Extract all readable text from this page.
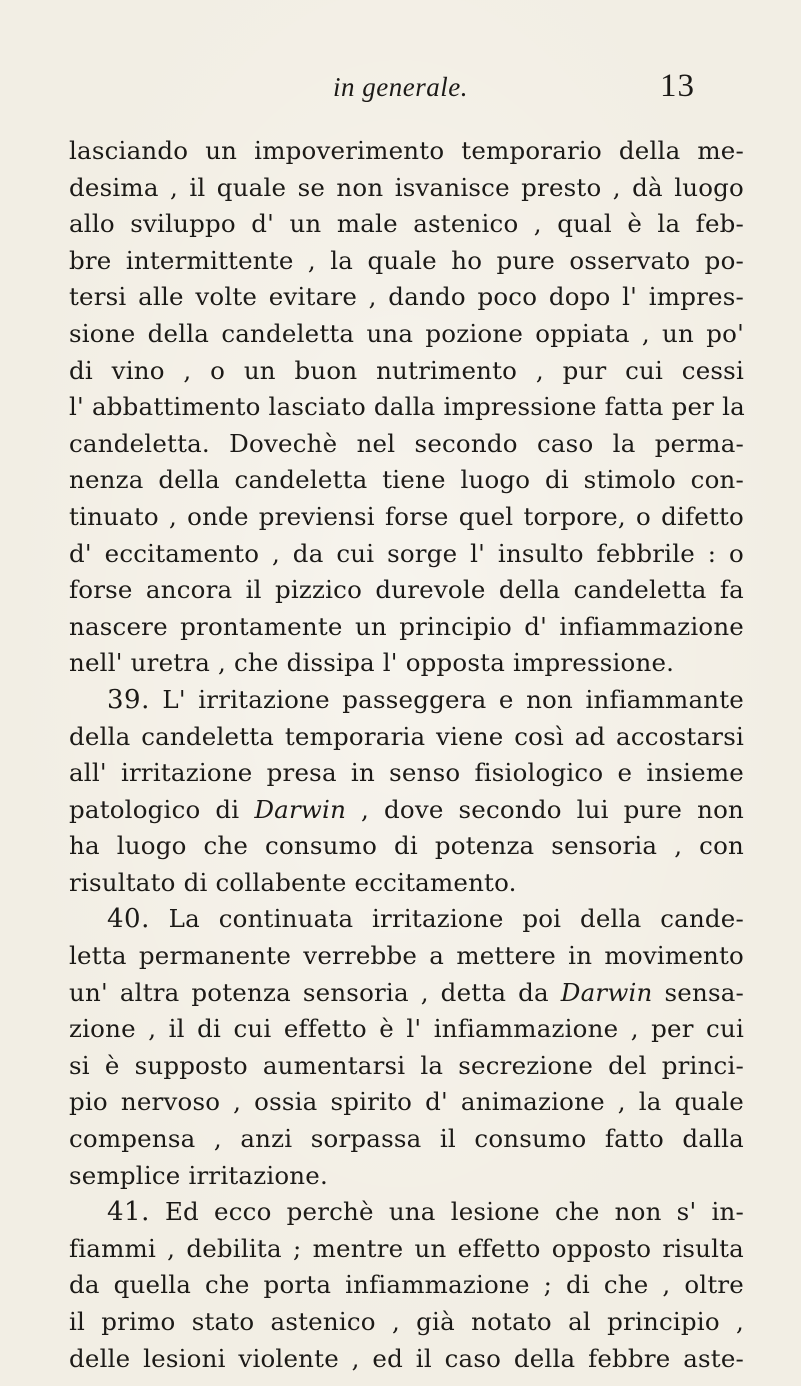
in generale.	13
lasciando un impoverimento temporario della me-
desima , il quale se non isvanisce presto , dà luogo
allo sviluppo d' un male astenico , qual è la feb-
bre intermittente , la quale ho pure osservato po-
tersi alle volte evitare , dando poco dopo l' impres-
sione della candeletta una pozione oppiata , un po'
di vino , o un buon nutrimento , pur cui cessi
l' abbattimento lasciato dalla impressione fatta per la
candeletta. Dovechè nel secondo caso la perma-
nenza della candeletta tiene luogo di stimolo con-
tinuato , onde previensi forse quel torpore, o difetto
d' eccitamento , da cui sorge l' insulto febbrile : o
forse ancora il pizzico durevole della candeletta fa
nascere prontamente un principio d' infiammazione
nell' uretra , che dissipa l' opposta impressione.
39. L' irritazione passeggera e non infiammante
della candeletta temporaria viene così ad accostarsi
all' irritazione presa in senso fisiologico e insieme
patologico di Darwin , dove secondo lui pure non
ha luogo che consumo di potenza sensoria , con
risultato di collabente eccitamento.
40. La continuata irritazione poi della cande-
letta permanente verrebbe a mettere in movimento
un' altra potenza sensoria , detta da Darwin sensa-
zione , il di cui effetto è l' infiammazione , per cui
si è supposto aumentarsi la secrezione del princi-
pio nervoso , ossia spirito d' animazione , la quale
compensa , anzi sorpassa il consumo fatto dalla
semplice irritazione.
41. Ed ecco perchè una lesione che non s' in-
fiammi , debilita ; mentre un effetto opposto risulta
da quella che porta infiammazione ; di che , oltre
il primo stato astenico , già notato al principio ,
delle lesioni violente , ed il caso della febbre aste-
